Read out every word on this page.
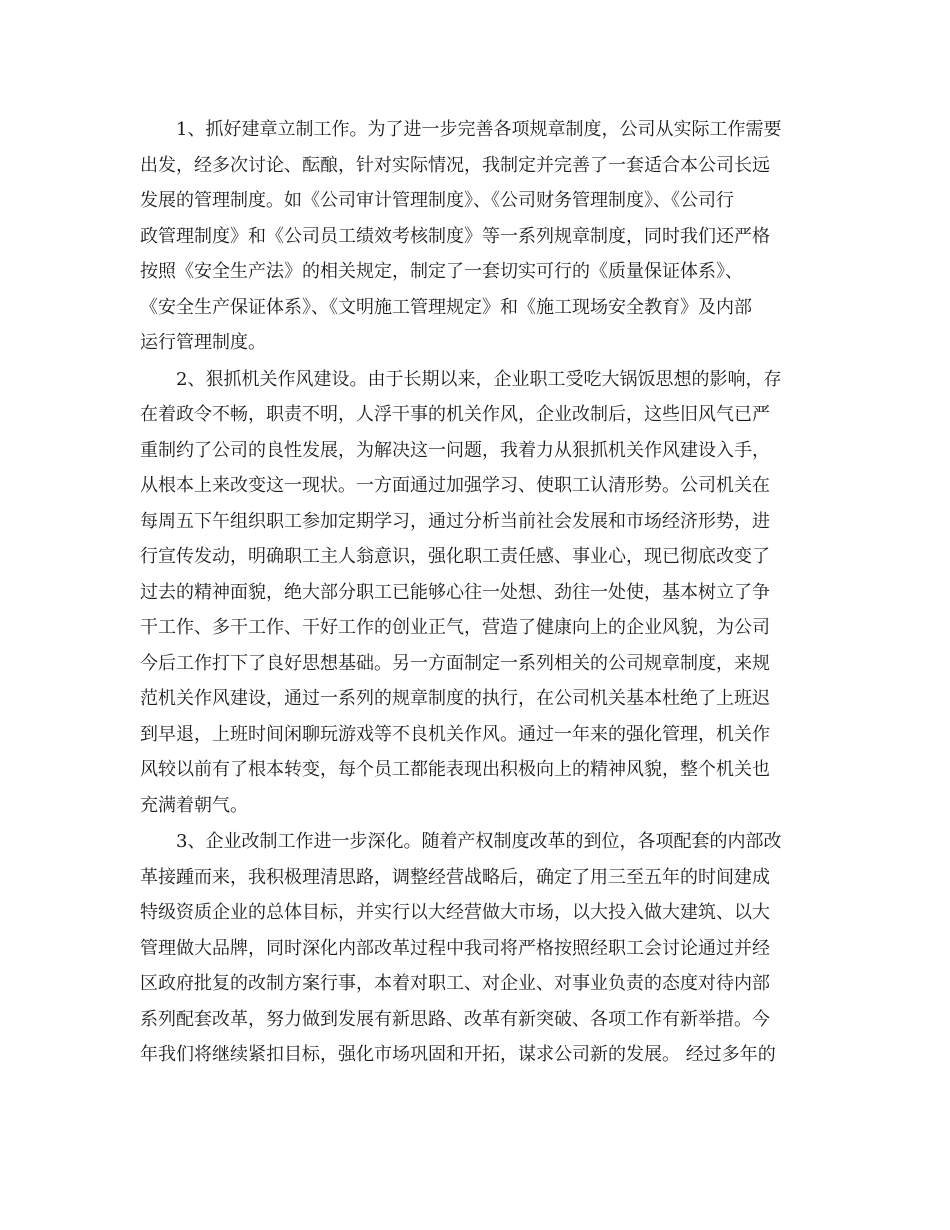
1、抓好建章立制工作。为了进一步完善各项规章制度，公司从实际工作需要
出发，经多次讨论、酝酿，针对实际情况，我制定并完善了一套适合本公司长远
发展的管理制度。如《公司审计管理制度》、《公司财务管理制度》、《公司行
政管理制度》和《公司员工绩效考核制度》等一系列规章制度，同时我们还严格
按照《安全生产法》的相关规定，制定了一套切实可行的《质量保证体系》、
《安全生产保证体系》、《文明施工管理规定》和《施工现场安全教育》及内部
运行管理制度。
2、狠抓机关作风建设。由于长期以来，企业职工受吃大锅饭思想的影响，存
在着政令不畅，职责不明，人浮干事的机关作风，企业改制后，这些旧风气已严
重制约了公司的良性发展，为解决这一问题，我着力从狠抓机关作风建设入手，
从根本上来改变这一现状。一方面通过加强学习、使职工认清形势。公司机关在
每周五下午组织职工参加定期学习，通过分析当前社会发展和市场经济形势，进
行宣传发动，明确职工主人翁意识，强化职工责任感、事业心，现已彻底改变了
过去的精神面貌，绝大部分职工已能够心往一处想、劲往一处使，基本树立了争
干工作、多干工作、干好工作的创业正气，营造了健康向上的企业风貌，为公司
今后工作打下了良好思想基础。另一方面制定一系列相关的公司规章制度，来规
范机关作风建设，通过一系列的规章制度的执行，在公司机关基本杜绝了上班迟
到早退，上班时间闲聊玩游戏等不良机关作风。通过一年来的强化管理，机关作
风较以前有了根本转变，每个员工都能表现出积极向上的精神风貌，整个机关也
充满着朝气。
3、企业改制工作进一步深化。随着产权制度改革的到位，各项配套的内部改
革接踵而来，我积极理清思路，调整经营战略后，确定了用三至五年的时间建成
特级资质企业的总体目标，并实行以大经营做大市场，以大投入做大建筑、以大
管理做大品牌，同时深化内部改革过程中我司将严格按照经职工会讨论通过并经
区政府批复的改制方案行事，本着对职工、对企业、对事业负责的态度对待内部
系列配套改革，努力做到发展有新思路、改革有新突破、各项工作有新举措。今
年我们将继续紧扣目标，强化市场巩固和开拓，谋求公司新的发展。 经过多年的
